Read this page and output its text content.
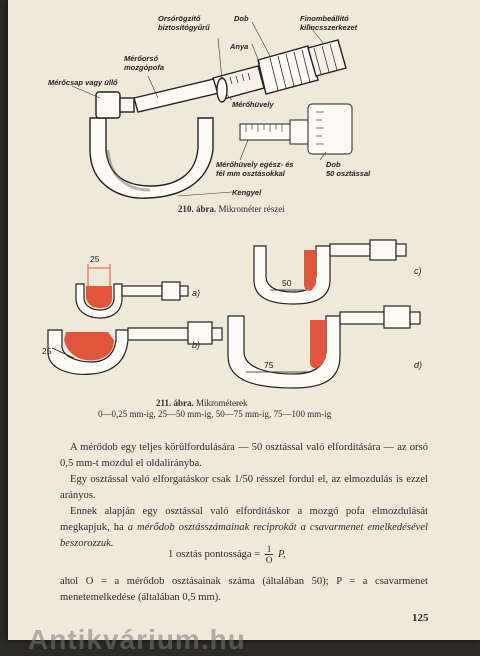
Orsórögzítő
biztosítógyűrű
Dob	Finombeállító
kilincsszerkezet
Anya
Mérőorsó
mozgópofa
Mérőcsap vagy üllő
Mérőhüvely
Mérőhüvely egész- és
fél mm osztásokkal
Dob
50 osztással
Kengyel
210. ábra. Mikrométer részei
25
a)
25
b)
50
c)
75	d)
211. ábra. Mikrométerek
0—0,25 mm-ig, 25—50 mm-ig, 50—75 mm-ig, 75—100 mm-ig

A mérődob egy teljes körülfordulására — 50 osztással való elfordítására — az orsó 0,5 mm-t mozdul el oldalirányba.

Egy osztással való elforgatáskor csak 1/50 résszel fordul el, az elmozdulás is ezzel arányos.

Ennek alapján egy osztással való elfordításkor a mozgó pofa elmozdulását megkapjuk, ha a mérődob osztásszámainak reciprokát a csavarmenet emelkedésével beszorozzuk.

1 osztás pontossága = $\frac{1}{O} P$,

ahol O = a mérődob osztásainak száma (általában 50); P = a csavarmenet menetemelkedése (általában 0,5 mm).

125
Antikvárium.hu
